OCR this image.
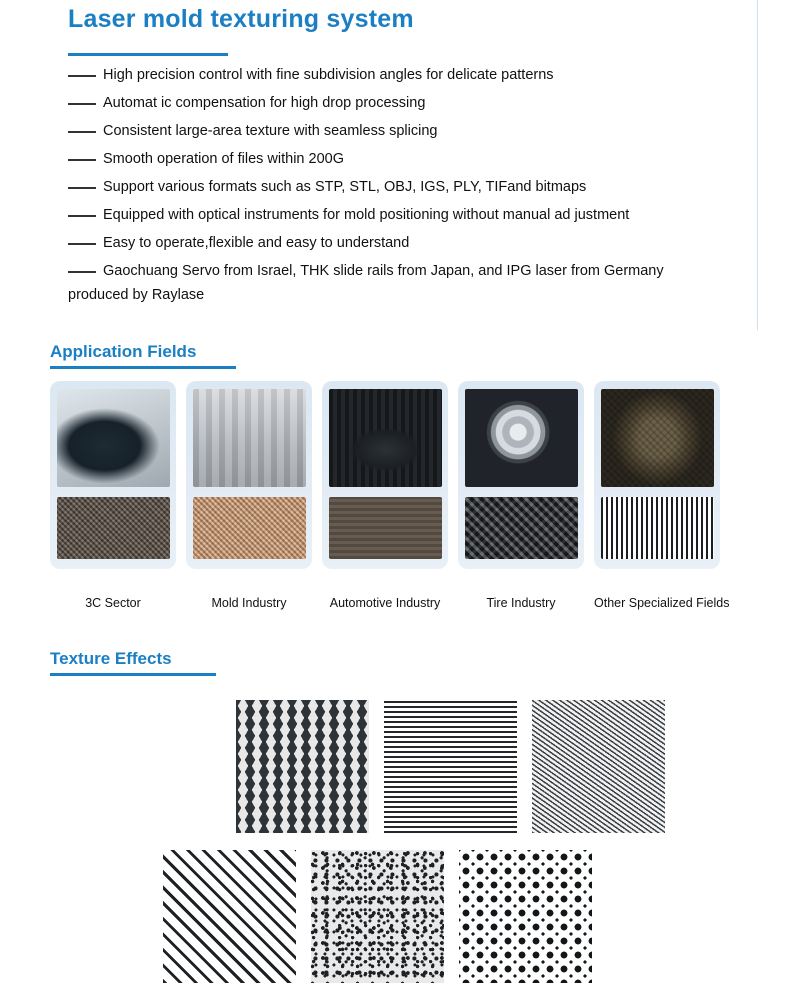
Laser mold texturing system
High precision control with fine subdivision angles for delicate patterns
Automat ic compensation for high drop processing
Consistent large-area texture with seamless splicing
Smooth operation of files within 200G
Support various formats such as STP, STL, OBJ, IGS, PLY, TIFand bitmaps
Equipped with optical instruments for mold positioning without manual ad justment
Easy to operate,flexible and easy to understand
Gaochuang Servo from Israel, THK slide rails from Japan, and IPG laser from Germany
produced by Raylase
Application Fields
3C Sector	Mold Industry	Automotive Industry	Tire Industry	Other Specialized Fields
Texture Effects
